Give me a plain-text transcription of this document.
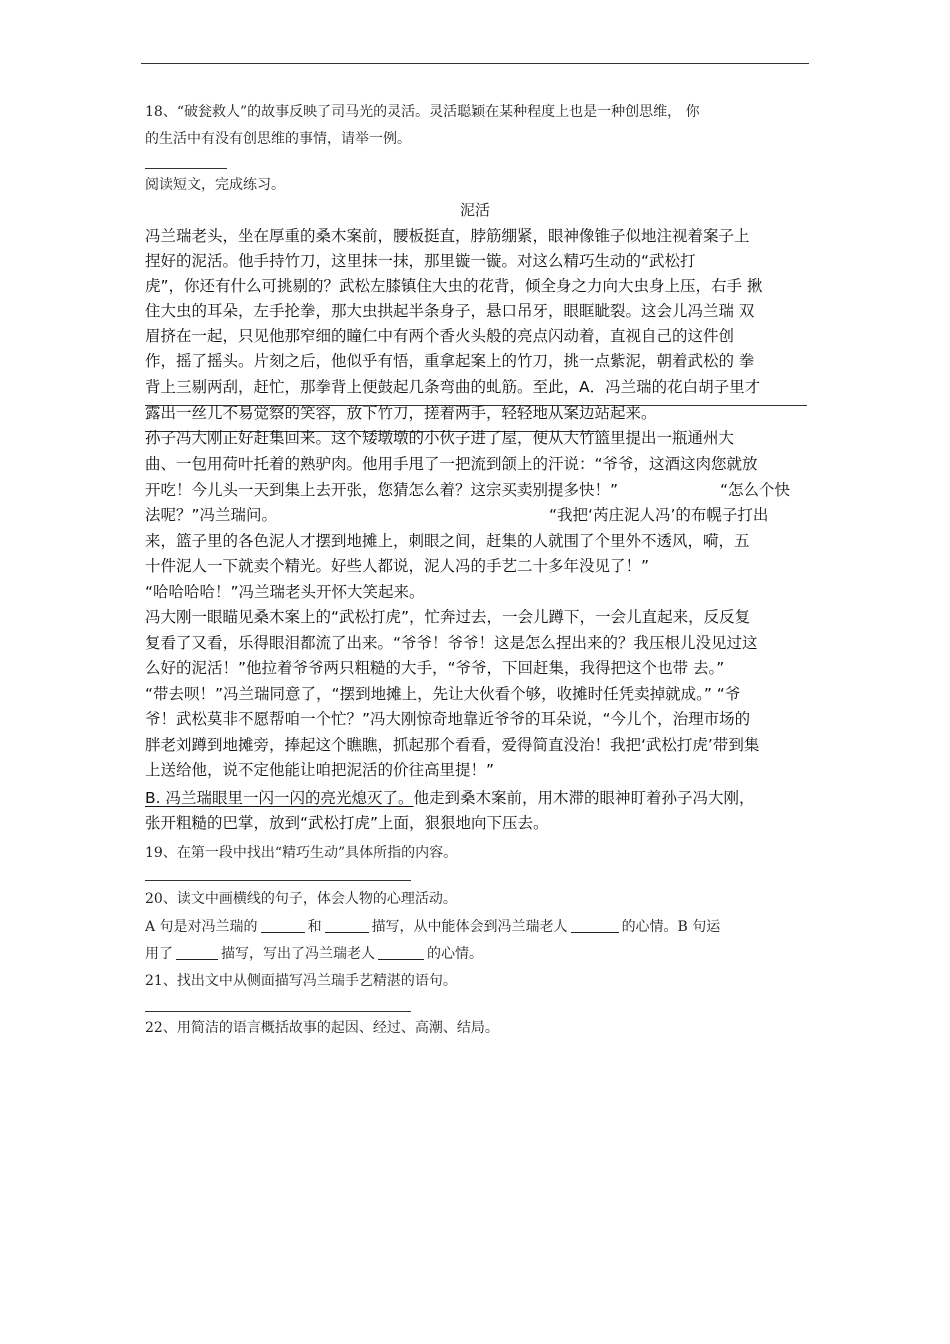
18、“破瓮救人”的故事反映了司马光的灵活。灵活聪颖在某种程度上也是一种创思维， 你
的生活中有没有创思维的事情，请举一例。
阅读短文，完成练习。
泥活
冯兰瑞老头，坐在厚重的桑木案前，腰板挺直，脖筋绷紧，眼神像锥子似地注视着案子上
捏好的泥活。他手持竹刀，这里抹一抹，那里镟一镟。对这么精巧生动的“武松打
虎”，你还有什么可挑剔的？武松左膝镇住大虫的花背，倾全身之力向大虫身上压，右手 揪
住大虫的耳朵，左手抡拳，那大虫拱起半条身子，悬口吊牙，眼眶眦裂。这会儿冯兰瑞 双
眉挤在一起，只见他那窄细的瞳仁中有两个香火头般的亮点闪动着，直视自己的这件创
作，摇了摇头。片刻之后，他似乎有悟，重拿起案上的竹刀，挑一点紫泥，朝着武松的 拳
背上三剔两刮，赶忙，那拳背上便鼓起几条弯曲的虬筋。至此，A．冯兰瑞的花白胡子里才
露出一丝儿不易觉察的笑容，放下竹刀，搓着两手，轻轻地从案边站起来。
孙子冯大刚正好赶集回来。这个矮墩墩的小伙子进了屋，便从大竹篮里提出一瓶通州大
曲、一包用荷叶托着的熟驴肉。他用手甩了一把流到颌上的汗说：“爷爷，这酒这肉您就放
开吃！今儿头一天到集上去开张，您猜怎么着？这宗买卖别提多快！”	“怎么个快
法呢？”冯兰瑞问。	“我把‘芮庄泥人冯’的布幌子打出
来，篮子里的各色泥人才摆到地摊上，刺眼之间，赶集的人就围了个里外不透风，嗬，五
十件泥人一下就卖个精光。好些人都说，泥人冯的手艺二十多年没见了！”
“哈哈哈哈！”冯兰瑞老头开怀大笑起来。
冯大刚一眼瞄见桑木案上的“武松打虎”，忙奔过去，一会儿蹲下，一会儿直起来，反反复
复看了又看，乐得眼泪都流了出来。“爷爷！爷爷！这是怎么捏出来的？我压根儿没见过这
么好的泥活！”他拉着爷爷两只粗糙的大手，“爷爷，下回赶集，我得把这个也带 去。”
“带去呗！”冯兰瑞同意了，“摆到地摊上，先让大伙看个够，收摊时任凭卖掉就成。” “爷
爷！武松莫非不愿帮咱一个忙？”冯大刚惊奇地靠近爷爷的耳朵说，“今儿个，治理市场的
胖老刘蹲到地摊旁，捧起这个瞧瞧，抓起那个看看，爱得简直没治！我把‘武松打虎’带到集
上送给他，说不定他能让咱把泥活的价往高里提！”
B. 冯兰瑞眼里一闪一闪的亮光熄灭了。他走到桑木案前，用木滞的眼神盯着孙子冯大刚，
张开粗糙的巴掌，放到“武松打虎”上面，狠狠地向下压去。
19、在第一段中找出“精巧生动”具体所指的内容。
20、读文中画横线的句子，体会人物的心理活动。
A 句是对冯兰瑞的	和	描写，从中能体会到冯兰瑞老人	的心情。B 句运
用了	描写，写出了冯兰瑞老人	的心情。
21、找出文中从侧面描写冯兰瑞手艺精湛的语句。
22、用简洁的语言概括故事的起因、经过、高潮、结局。
